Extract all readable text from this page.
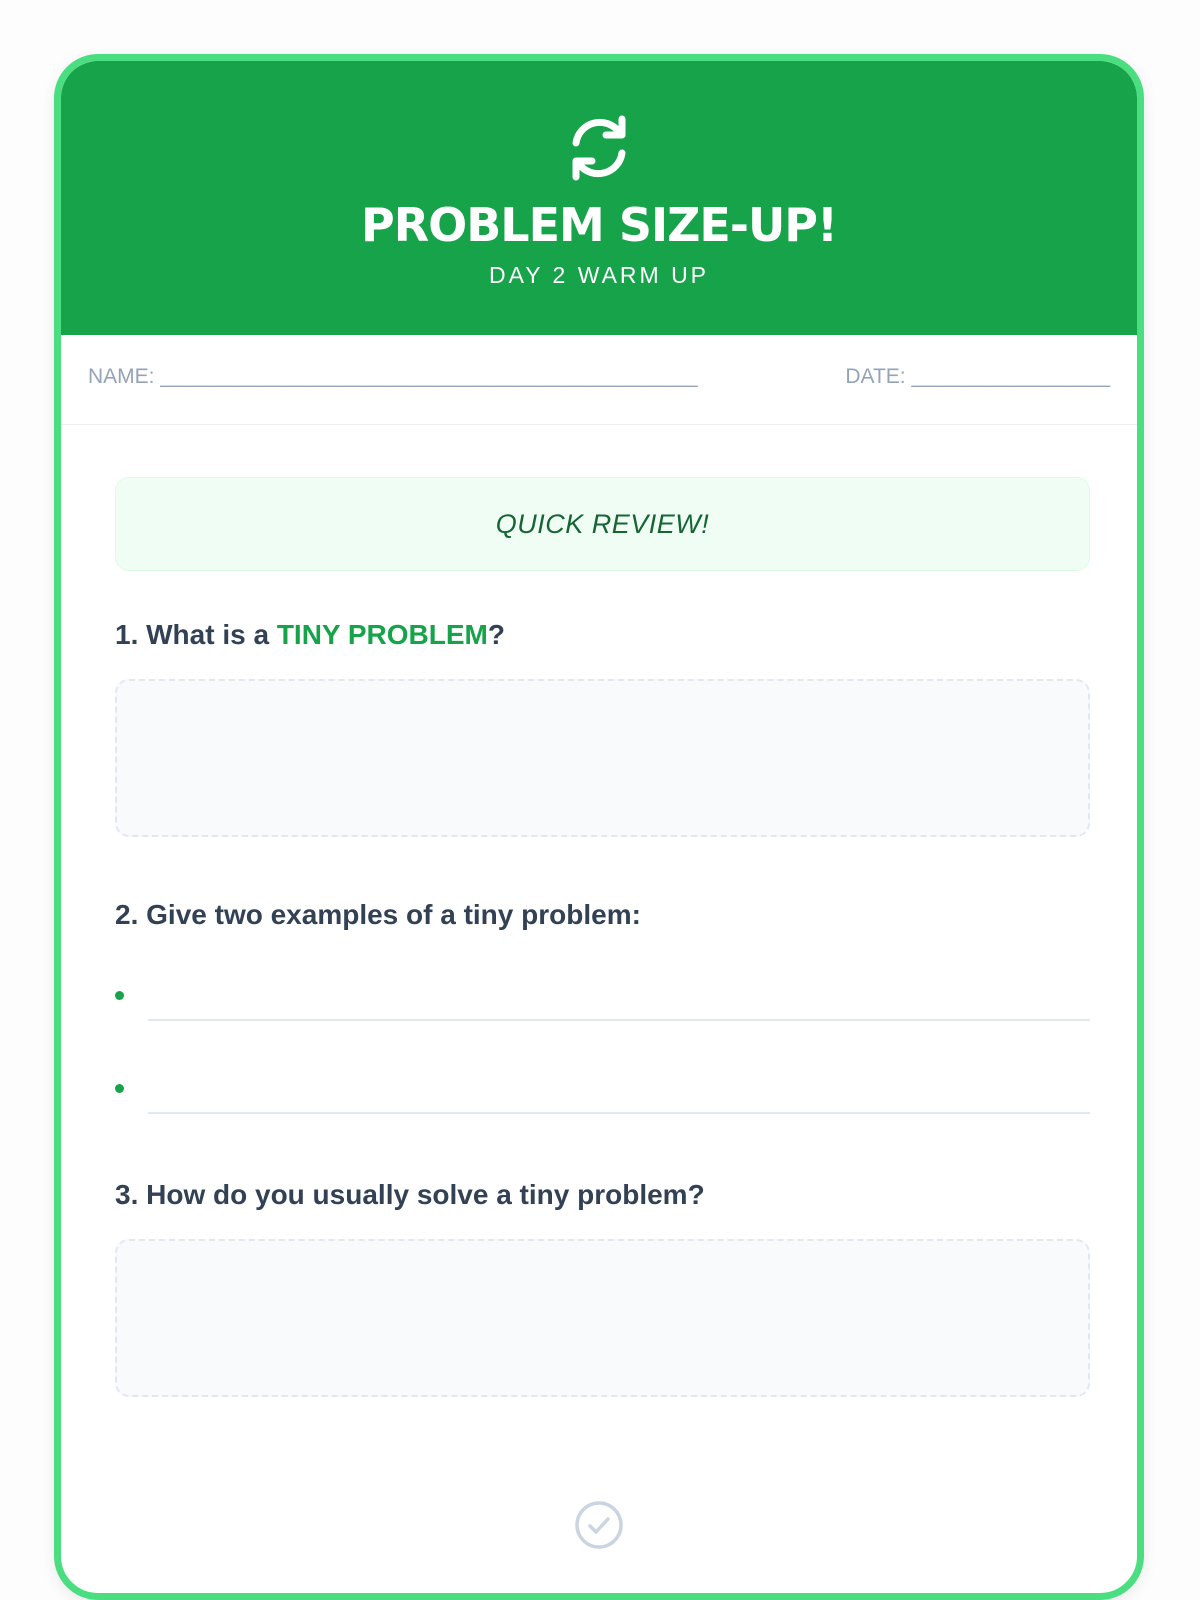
PROBLEM SIZE-UP!
DAY 2 WARM UP
NAME: ______________________________________________	DATE: _________________
QUICK REVIEW!
1. What is a TINY PROBLEM?
2. Give two examples of a tiny problem:
3. How do you usually solve a tiny problem?
